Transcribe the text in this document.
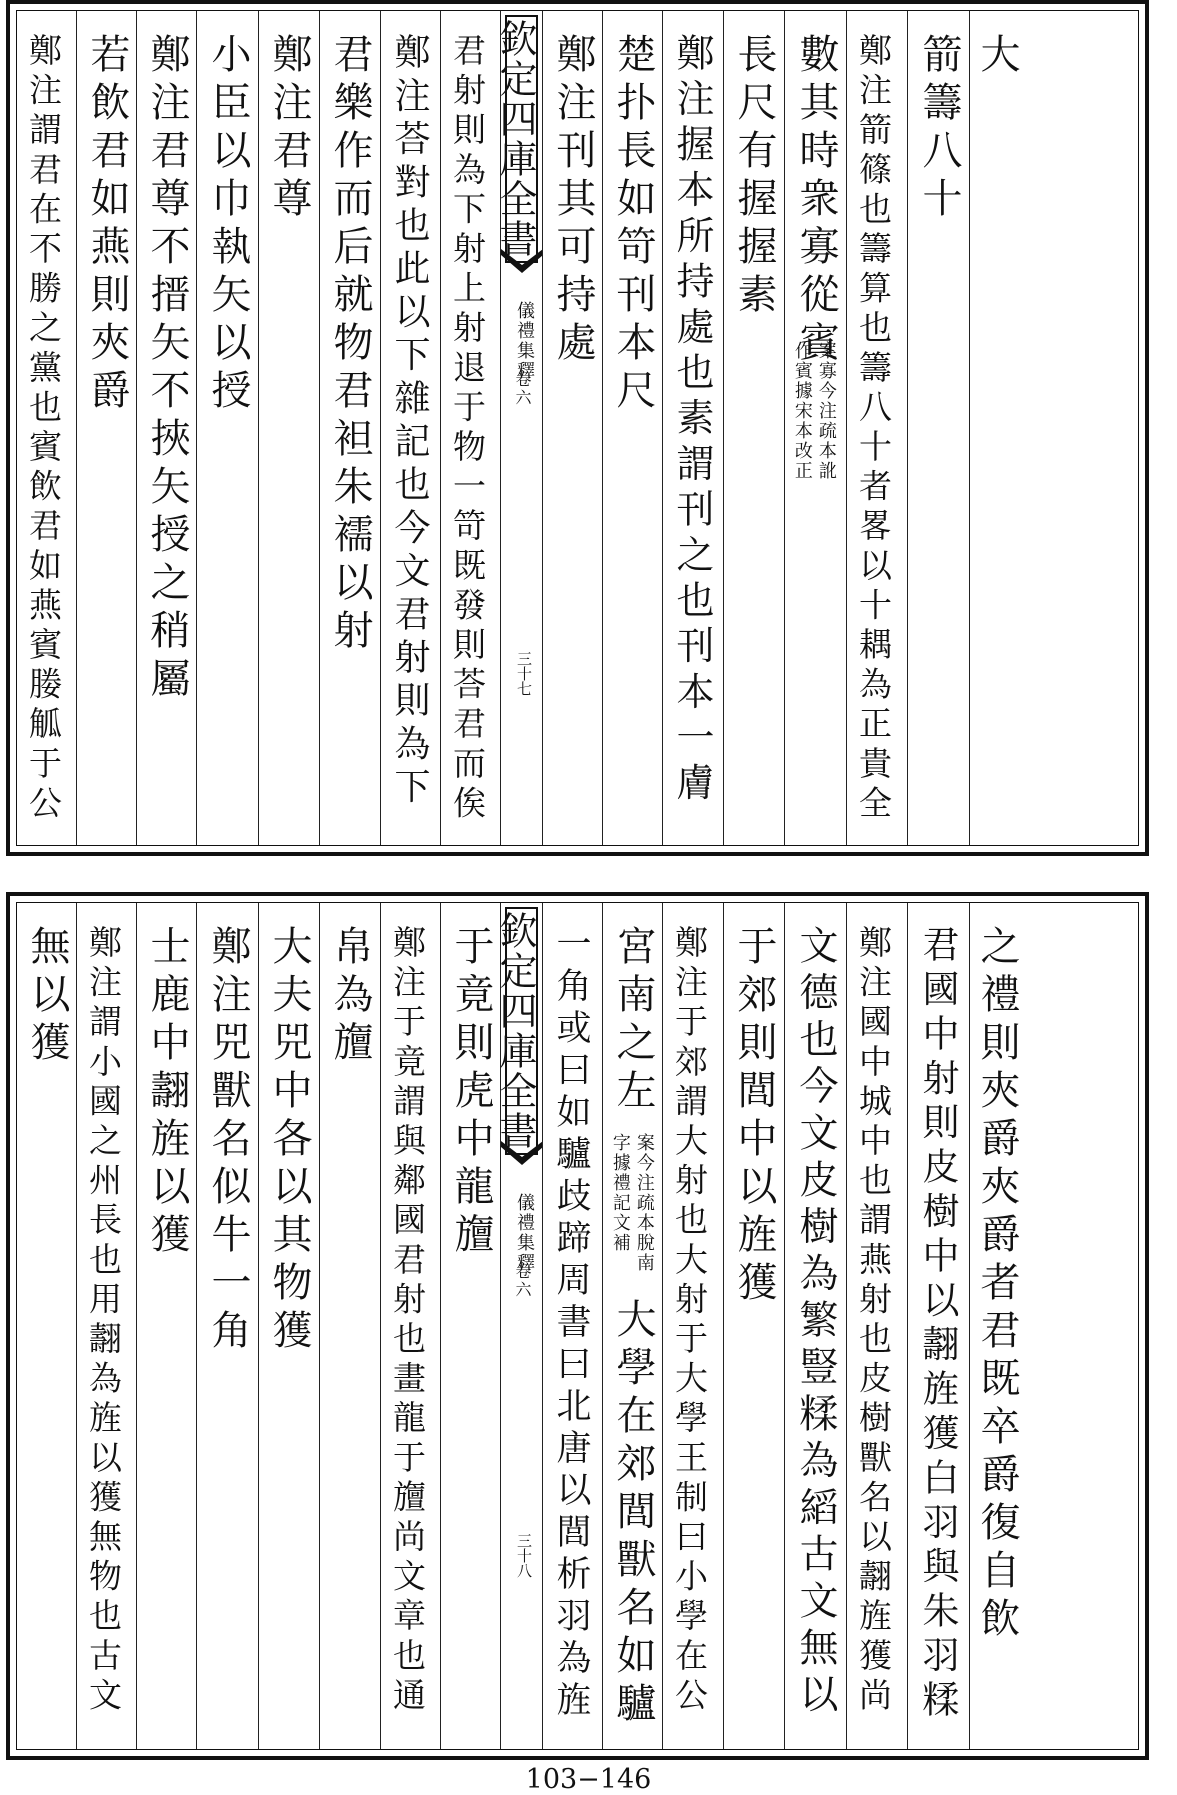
鄭注謂君在不勝之黨也賓飲君如燕賓媵觚于公 若飲君如燕則夾爵 鄭注君尊不搢矢不挾矢授之稍屬 小臣以巾執矢以授 鄭注君尊 君樂作而后就物君袒朱襦以射 鄭注荅對也此以下雜記也今文君射則為下 君射則為下射上射退于物一笴既發則荅君而俟 欽定四庫全書
儀禮集釋
卷六
三十七
鄭注刊其可持處 楚扑長如笴刊本尺 鄭注握本所持處也素謂刊之也刊本一膚 長尺有握握素 數其時衆寡從賓
案寡今注疏本訛
作賓據宋本改正 鄭注箭篠也籌算也籌八十者畧以十耦為正貴全 箭籌八十 大
無以獲 鄭注謂小國之州長也用翿為旌以獲無物也古文 士鹿中翿旌以獲 鄭注兕獸名似牛一角 大夫兕中各以其物獲 帛為旜 鄭注于竟謂與鄰國君射也畫龍于旜尚文章也通 于竟則虎中龍旜 欽定四庫全書
儀禮集釋
卷六
三十八 一角或曰如驢歧蹄周書曰北唐以閭析羽為旌 宮南之左
案今注疏本脫南
字據禮記文補
大學在郊閭獸名如驢 鄭注于郊謂大射也大射于大學王制曰小學在公 于郊則閭中以旌獲 文德也今文皮樹為繁豎糅為縚古文無以 鄭注國中城中也謂燕射也皮樹獸名以翿旌獲尚 君國中射則皮樹中以翿旌獲白羽與朱羽糅 之禮則夾爵夾爵者君既卒爵復自飲
103−146
